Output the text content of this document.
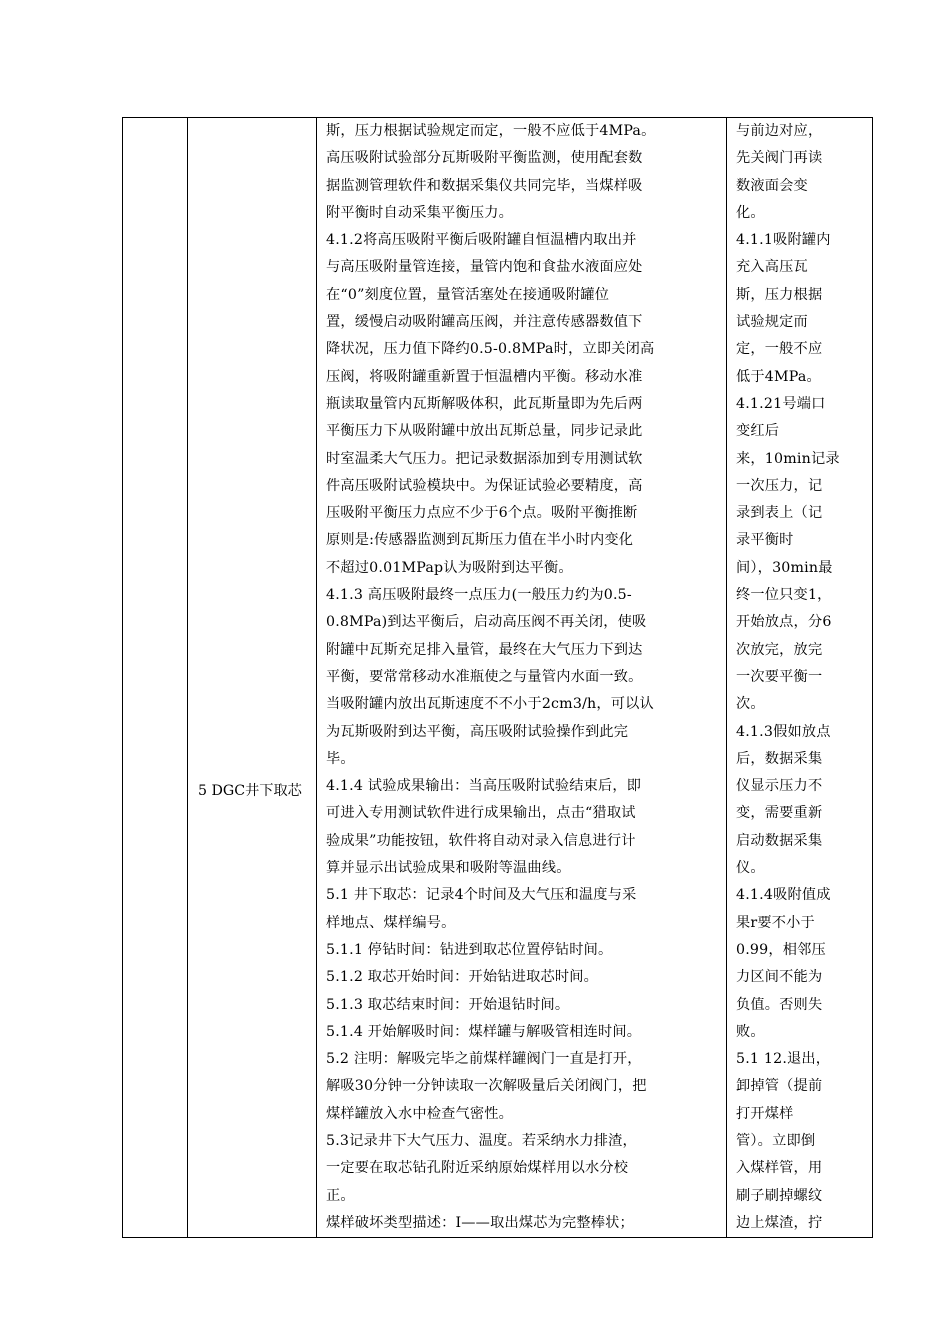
5 DGC井下取芯

斯，压力根据试验规定而定，一般不应低于4MPa。
高压吸附试验部分瓦斯吸附平衡监测，使用配套数
据监测管理软件和数据采集仪共同完毕，当煤样吸
附平衡时自动采集平衡压力。
4.1.2将高压吸附平衡后吸附罐自恒温槽内取出并
与高压吸附量管连接，量管内饱和食盐水液面应处
在“0”刻度位置，量管活塞处在接通吸附罐位
置，缓慢启动吸附罐高压阀，并注意传感器数值下
降状况，压力值下降约0.5-0.8MPa时，立即关闭高
压阀，将吸附罐重新置于恒温槽内平衡。移动水准
瓶读取量管内瓦斯解吸体积，此瓦斯量即为先后两
平衡压力下从吸附罐中放出瓦斯总量，同步记录此
时室温柔大气压力。把记录数据添加到专用测试软
件高压吸附试验模块中。为保证试验必要精度，高
压吸附平衡压力点应不少于6个点。吸附平衡推断
原则是:传感器监测到瓦斯压力值在半小时内变化
不超过0.01MPap认为吸附到达平衡。
4.1.3 高压吸附最终一点压力(一般压力约为0.5-
0.8MPa)到达平衡后，启动高压阀不再关闭，使吸
附罐中瓦斯充足排入量管，最终在大气压力下到达
平衡，要常常移动水准瓶使之与量管内水面一致。
当吸附罐内放出瓦斯速度不不小于2cm3/h，可以认
为瓦斯吸附到达平衡，高压吸附试验操作到此完
毕。
4.1.4 试验成果输出：当高压吸附试验结束后，即
可进入专用测试软件进行成果输出，点击“猎取试
验成果”功能按钮，软件将自动对录入信息进行计
算并显示出试验成果和吸附等温曲线。
5.1 井下取芯：记录4个时间及大气压和温度与采
样地点、煤样编号。
5.1.1 停钻时间：钻进到取芯位置停钻时间。
5.1.2 取芯开始时间：开始钻进取芯时间。
5.1.3 取芯结束时间：开始退钻时间。
5.1.4 开始解吸时间：煤样罐与解吸管相连时间。
5.2 注明：解吸完毕之前煤样罐阀门一直是打开，
解吸30分钟一分钟读取一次解吸量后关闭阀门，把
煤样罐放入水中检查气密性。
5.3记录井下大气压力、温度。若采纳水力排渣，
一定要在取芯钻孔附近采纳原始煤样用以水分校
正。
煤样破坏类型描述：Ⅰ——取出煤芯为完整棒状；

与前边对应，
先关阀门再读
数液面会变
化。
4.1.1吸附罐内
充入高压瓦
斯，压力根据
试验规定而
定，一般不应
低于4MPa。
4.1.21号端口
变红后
来，10min记录
一次压力，记
录到表上（记
录平衡时
间），30min最
终一位只变1，
开始放点，分6
次放完，放完
一次要平衡一
次。
4.1.3假如放点
后，数据采集
仪显示压力不
变，需要重新
启动数据采集
仪。
4.1.4吸附值成
果r要不小于
0.99，相邻压
力区间不能为
负值。否则失
败。
5.1 12.退出，
卸掉管（提前
打开煤样
管）。立即倒
入煤样管，用
刷子刷掉螺纹
边上煤渣，拧
